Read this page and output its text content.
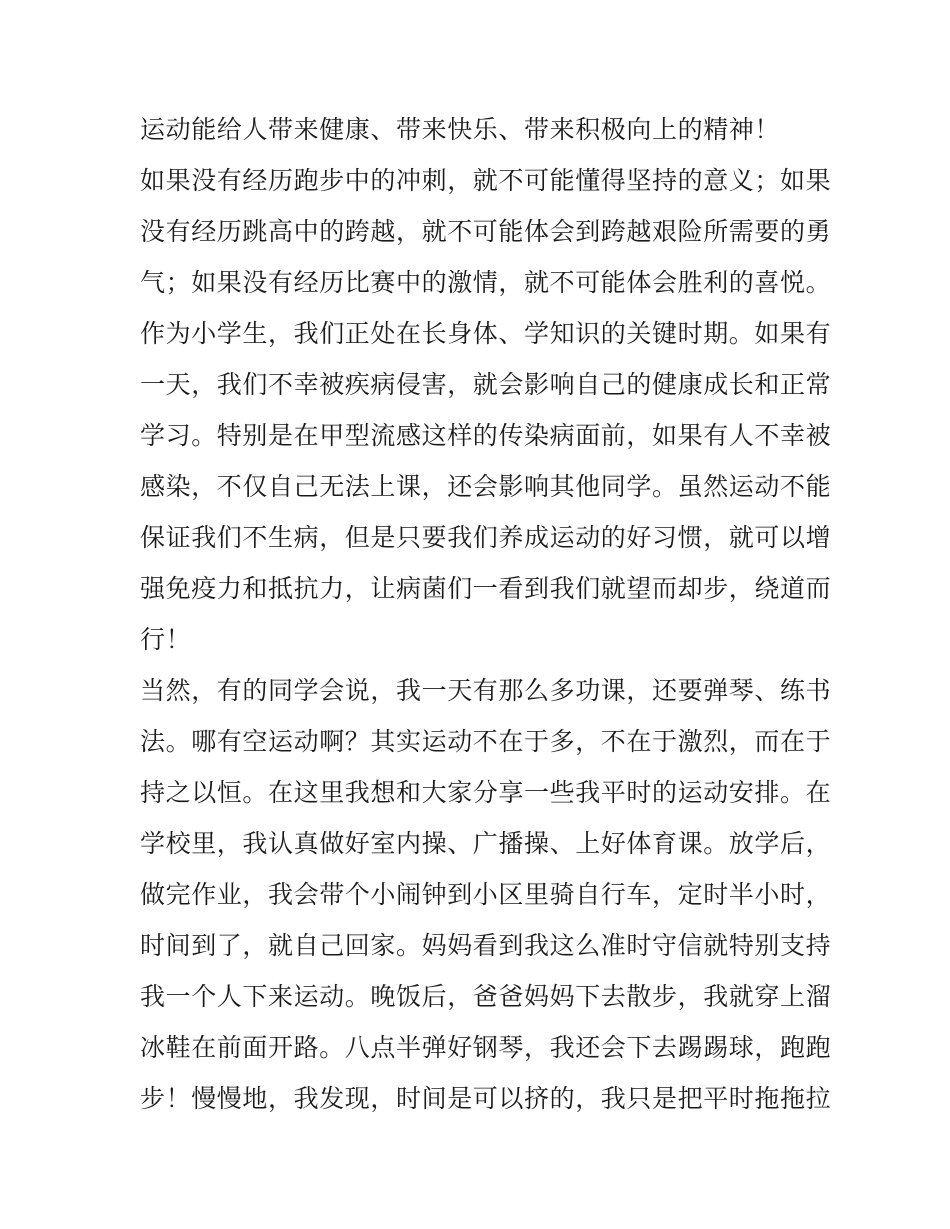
运动能给人带来健康、带来快乐、带来积极向上的精神！
如果没有经历跑步中的冲刺，就不可能懂得坚持的意义；如果
没有经历跳高中的跨越，就不可能体会到跨越艰险所需要的勇
气；如果没有经历比赛中的激情，就不可能体会胜利的喜悦。
作为小学生，我们正处在长身体、学知识的关键时期。如果有
一天，我们不幸被疾病侵害，就会影响自己的健康成长和正常
学习。特别是在甲型流感这样的传染病面前，如果有人不幸被
感染，不仅自己无法上课，还会影响其他同学。虽然运动不能
保证我们不生病，但是只要我们养成运动的好习惯，就可以增
强免疫力和抵抗力，让病菌们一看到我们就望而却步，绕道而
行！
当然，有的同学会说，我一天有那么多功课，还要弹琴、练书
法。哪有空运动啊？其实运动不在于多，不在于激烈，而在于
持之以恒。在这里我想和大家分享一些我平时的运动安排。在
学校里，我认真做好室内操、广播操、上好体育课。放学后，
做完作业，我会带个小闹钟到小区里骑自行车，定时半小时，
时间到了，就自己回家。妈妈看到我这么准时守信就特别支持
我一个人下来运动。晚饭后，爸爸妈妈下去散步，我就穿上溜
冰鞋在前面开路。八点半弹好钢琴，我还会下去踢踢球，跑跑
步！慢慢地，我发现，时间是可以挤的，我只是把平时拖拖拉
